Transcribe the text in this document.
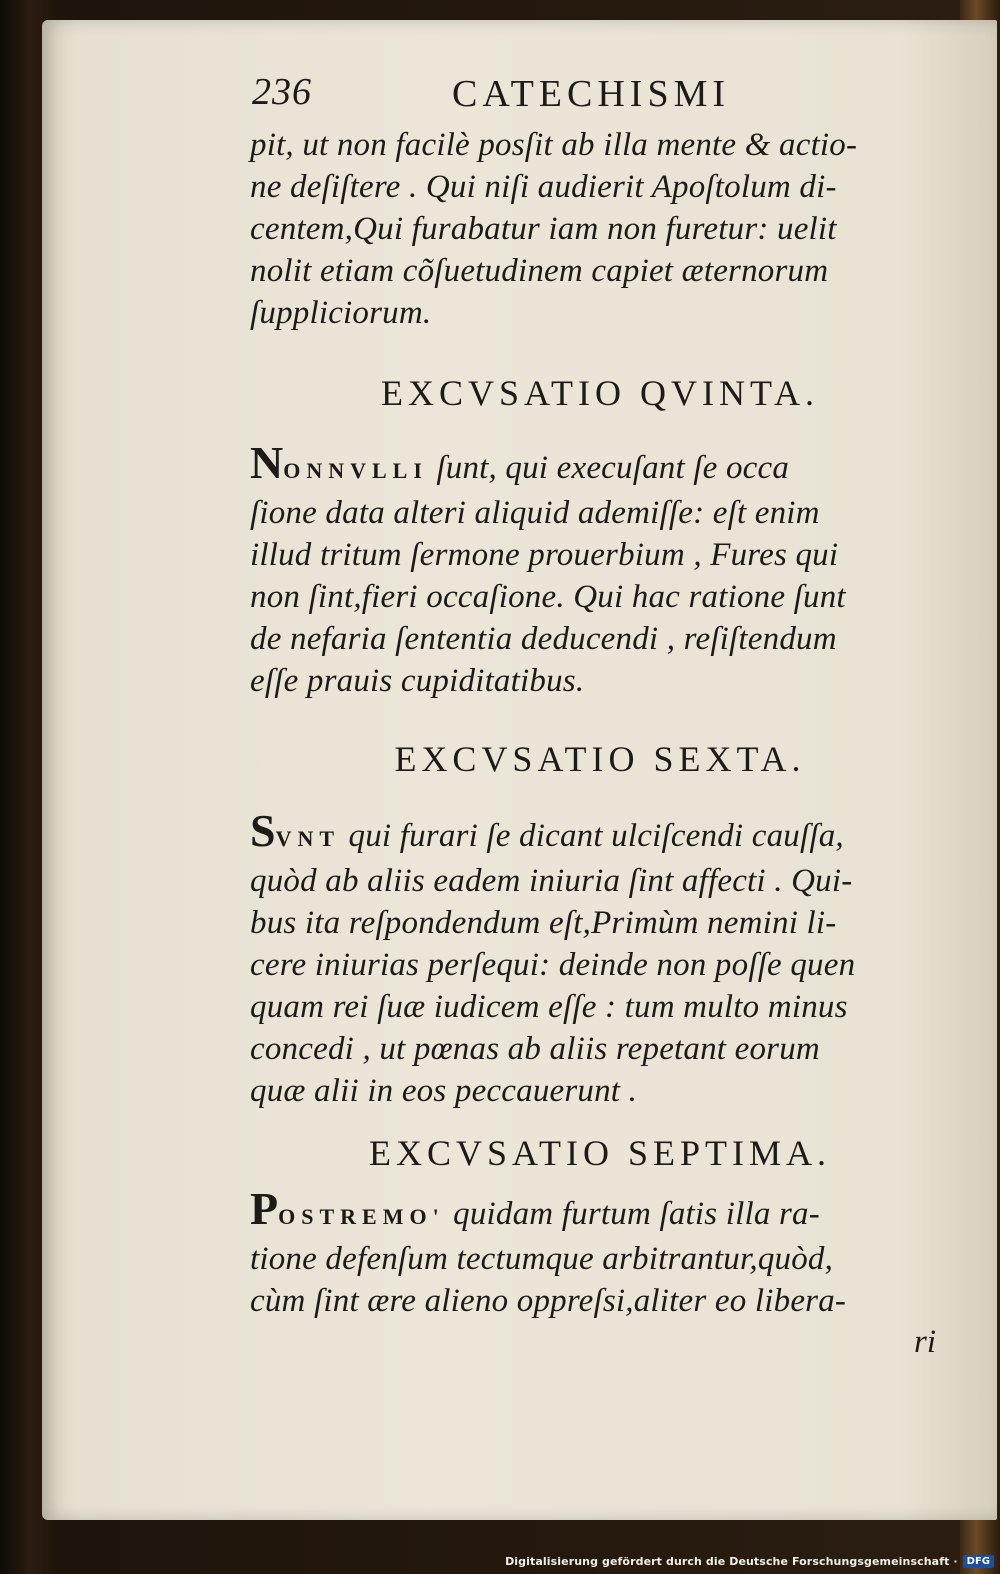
236	CATECHISMI
pit, ut non facilè posſit ab illa mente & actio-
ne deſiſtere . Qui niſi audierit Apoſtolum di-
centem,Qui furabatur iam non furetur: uelit
nolit etiam cõſuetudinem capiet æternorum
ſuppliciorum.
EXCVSATIO QVINTA.
NONNVLLI ſunt, qui execuſant ſe occa
ſione data alteri aliquid ademiſſe: eſt enim
illud tritum ſermone prouerbium , Fures qui
non ſint,fieri occaſione. Qui hac ratione ſunt
de nefaria ſententia deducendi , reſiſtendum
eſſe prauis cupiditatibus.
EXCVSATIO SEXTA.
SVNT qui furari ſe dicant ulciſcendi cauſſa,
quòd ab aliis eadem iniuria ſint affecti . Qui-
bus ita reſpondendum eſt,Primùm nemini li-
cere iniurias perſequi: deinde non poſſe quen
quam rei ſuæ iudicem eſſe : tum multo minus
concedi , ut pœnas ab aliis repetant eorum
quæ alii in eos peccauerunt .
EXCVSATIO SEPTIMA.
POSTREMO' quidam furtum ſatis illa ra-
tione defenſum tectumque arbitrantur,quòd,
cùm ſint ære alieno oppreſsi,aliter eo libera-
ri
Digitalisierung gefördert durch die Deutsche Forschungsgemeinschaft · DFG
